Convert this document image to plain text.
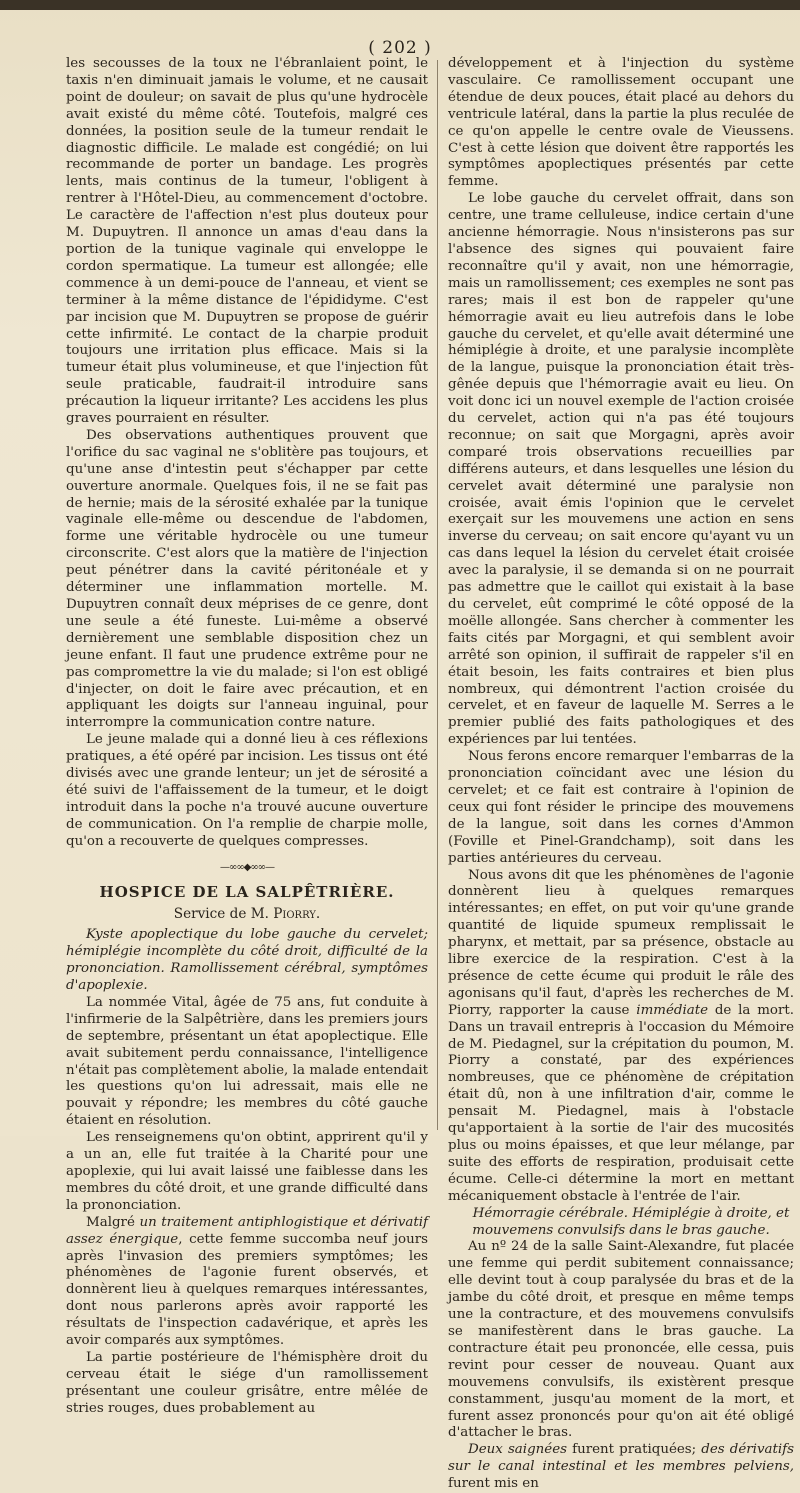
( 202 )

les secousses de la toux ne l'ébranlaient point, le taxis n'en diminuait jamais le volume, et ne causait point de douleur; on savait de plus qu'une hydrocèle avait existé du même côté. Toutefois, malgré ces données, la position seule de la tumeur rendait le diagnostic difficile. Le malade est congédié; on lui recommande de porter un bandage. Les progrès lents, mais continus de la tumeur, l'obligent à rentrer à l'Hôtel-Dieu, au commencement d'octobre. Le caractère de l'affection n'est plus douteux pour M. Dupuytren. Il annonce un amas d'eau dans la portion de la tunique vaginale qui enveloppe le cordon spermatique. La tumeur est allongée; elle commence à un demi-pouce de l'anneau, et vient se terminer à la même distance de l'épididyme. C'est par incision que M. Dupuytren se propose de guérir cette infirmité. Le contact de la charpie produit toujours une irritation plus efficace. Mais si la tumeur était plus volumineuse, et que l'injection fût seule praticable, faudrait-il introduire sans précaution la liqueur irritante? Les accidens les plus graves pourraient en résulter.

Des observations authentiques prouvent que l'orifice du sac vaginal ne s'oblitère pas toujours, et qu'une anse d'intestin peut s'échapper par cette ouverture anormale. Quelques fois, il ne se fait pas de hernie; mais de la sérosité exhalée par la tunique vaginale elle-même ou descendue de l'abdomen, forme une véritable hydrocèle ou une tumeur circonscrite. C'est alors que la matière de l'injection peut pénétrer dans la cavité péritonéale et y déterminer une inflammation mortelle. M. Dupuytren connaît deux méprises de ce genre, dont une seule a été funeste. Lui-même a observé dernièrement une semblable disposition chez un jeune enfant. Il faut une prudence extrême pour ne pas compromettre la vie du malade; si l'on est obligé d'injecter, on doit le faire avec précaution, et en appliquant les doigts sur l'anneau inguinal, pour interrompre la communication contre nature.

Le jeune malade qui a donné lieu à ces réflexions pratiques, a été opéré par incision. Les tissus ont été divisés avec une grande lenteur; un jet de sérosité a été suivi de l'affaissement de la tumeur, et le doigt introduit dans la poche n'a trouvé aucune ouverture de communication. On l'a remplie de charpie molle, qu'on a recouverte de quelques compresses.

—∞∞◆∞∞—
HOSPICE DE LA SALPÊTRIÈRE.
Service de M. Piorry.

Kyste apoplectique du lobe gauche du cervelet; hémiplégie incomplète du côté droit, difficulté de la prononciation. Ramollissement cérébral, symptômes d'apoplexie.

La nommée Vital, âgée de 75 ans, fut conduite à l'infirmerie de la Salpêtrière, dans les premiers jours de septembre, présentant un état apoplectique. Elle avait subitement perdu connaissance, l'intelligence n'était pas complètement abolie, la malade entendait les questions qu'on lui adressait, mais elle ne pouvait y répondre; les membres du côté gauche étaient en résolution.

Les renseignemens qu'on obtint, apprirent qu'il y a un an, elle fut traitée à la Charité pour une apoplexie, qui lui avait laissé une faiblesse dans les membres du côté droit, et une grande difficulté dans la prononciation.

Malgré un traitement antiphlogistique et dérivatif assez énergique, cette femme succomba neuf jours après l'invasion des premiers symptômes; les phénomènes de l'agonie furent observés, et donnèrent lieu à quelques remarques intéressantes, dont nous parlerons après avoir rapporté les résultats de l'inspection cadavérique, et après les avoir comparés aux symptômes.

La partie postérieure de l'hémisphère droit du cerveau était le siége d'un ramollissement présentant une couleur grisâtre, entre mêlée de stries rouges, dues probablement au

développement et à l'injection du système vasculaire. Ce ramollissement occupant une étendue de deux pouces, était placé au dehors du ventricule latéral, dans la partie la plus reculée de ce qu'on appelle le centre ovale de Vieussens. C'est à cette lésion que doivent être rapportés les symptômes apoplectiques présentés par cette femme.

Le lobe gauche du cervelet offrait, dans son centre, une trame celluleuse, indice certain d'une ancienne hémorragie. Nous n'insisterons pas sur l'absence des signes qui pouvaient faire reconnaître qu'il y avait, non une hémorragie, mais un ramollissement; ces exemples ne sont pas rares; mais il est bon de rappeler qu'une hémorragie avait eu lieu autrefois dans le lobe gauche du cervelet, et qu'elle avait déterminé une hémiplégie à droite, et une paralysie incomplète de la langue, puisque la prononciation était très-gênée depuis que l'hémorragie avait eu lieu. On voit donc ici un nouvel exemple de l'action croisée du cervelet, action qui n'a pas été toujours reconnue; on sait que Morgagni, après avoir comparé trois observations recueillies par différens auteurs, et dans lesquelles une lésion du cervelet avait déterminé une paralysie non croisée, avait émis l'opinion que le cervelet exerçait sur les mouvemens une action en sens inverse du cerveau; on sait encore qu'ayant vu un cas dans lequel la lésion du cervelet était croisée avec la paralysie, il se demanda si on ne pourrait pas admettre que le caillot qui existait à la base du cervelet, eût comprimé le côté opposé de la moëlle allongée. Sans chercher à commenter les faits cités par Morgagni, et qui semblent avoir arrêté son opinion, il suffirait de rappeler s'il en était besoin, les faits contraires et bien plus nombreux, qui démontrent l'action croisée du cervelet, et en faveur de laquelle M. Serres a le premier publié des faits pathologiques et des expériences par lui tentées.

Nous ferons encore remarquer l'embarras de la prononciation coïncidant avec une lésion du cervelet; et ce fait est contraire à l'opinion de ceux qui font résider le principe des mouvemens de la langue, soit dans les cornes d'Ammon (Foville et Pinel-Grandchamp), soit dans les parties antérieures du cerveau.

Nous avons dit que les phénomènes de l'agonie donnèrent lieu à quelques remarques intéressantes; en effet, on put voir qu'une grande quantité de liquide spumeux remplissait le pharynx, et mettait, par sa présence, obstacle au libre exercice de la respiration. C'est à la présence de cette écume qui produit le râle des agonisans qu'il faut, d'après les recherches de M. Piorry, rapporter la cause immédiate de la mort. Dans un travail entrepris à l'occasion du Mémoire de M. Piedagnel, sur la crépitation du poumon, M. Piorry a constaté, par des expériences nombreuses, que ce phénomène de crépitation était dû, non à une infiltration d'air, comme le pensait M. Piedagnel, mais à l'obstacle qu'apportaient à la sortie de l'air des mucosités plus ou moins épaisses, et que leur mélange, par suite des efforts de respiration, produisait cette écume. Celle-ci détermine la mort en mettant mécaniquement obstacle à l'entrée de l'air.

Hémorragie cérébrale. Hémiplégie à droite, et mouvemens convulsifs dans le bras gauche.

Au nº 24 de la salle Saint-Alexandre, fut placée une femme qui perdit subitement connaissance; elle devint tout à coup paralysée du bras et de la jambe du côté droit, et presque en même temps une la contracture, et des mouvemens convulsifs se manifestèrent dans le bras gauche. La contracture était peu prononcée, elle cessa, puis revint pour cesser de nouveau. Quant aux mouvemens convulsifs, ils existèrent presque constamment, jusqu'au moment de la mort, et furent assez prononcés pour qu'on ait été obligé d'attacher le bras.

Deux saignées furent pratiquées; des dérivatifs sur le canal intestinal et les membres pelviens, furent mis en
